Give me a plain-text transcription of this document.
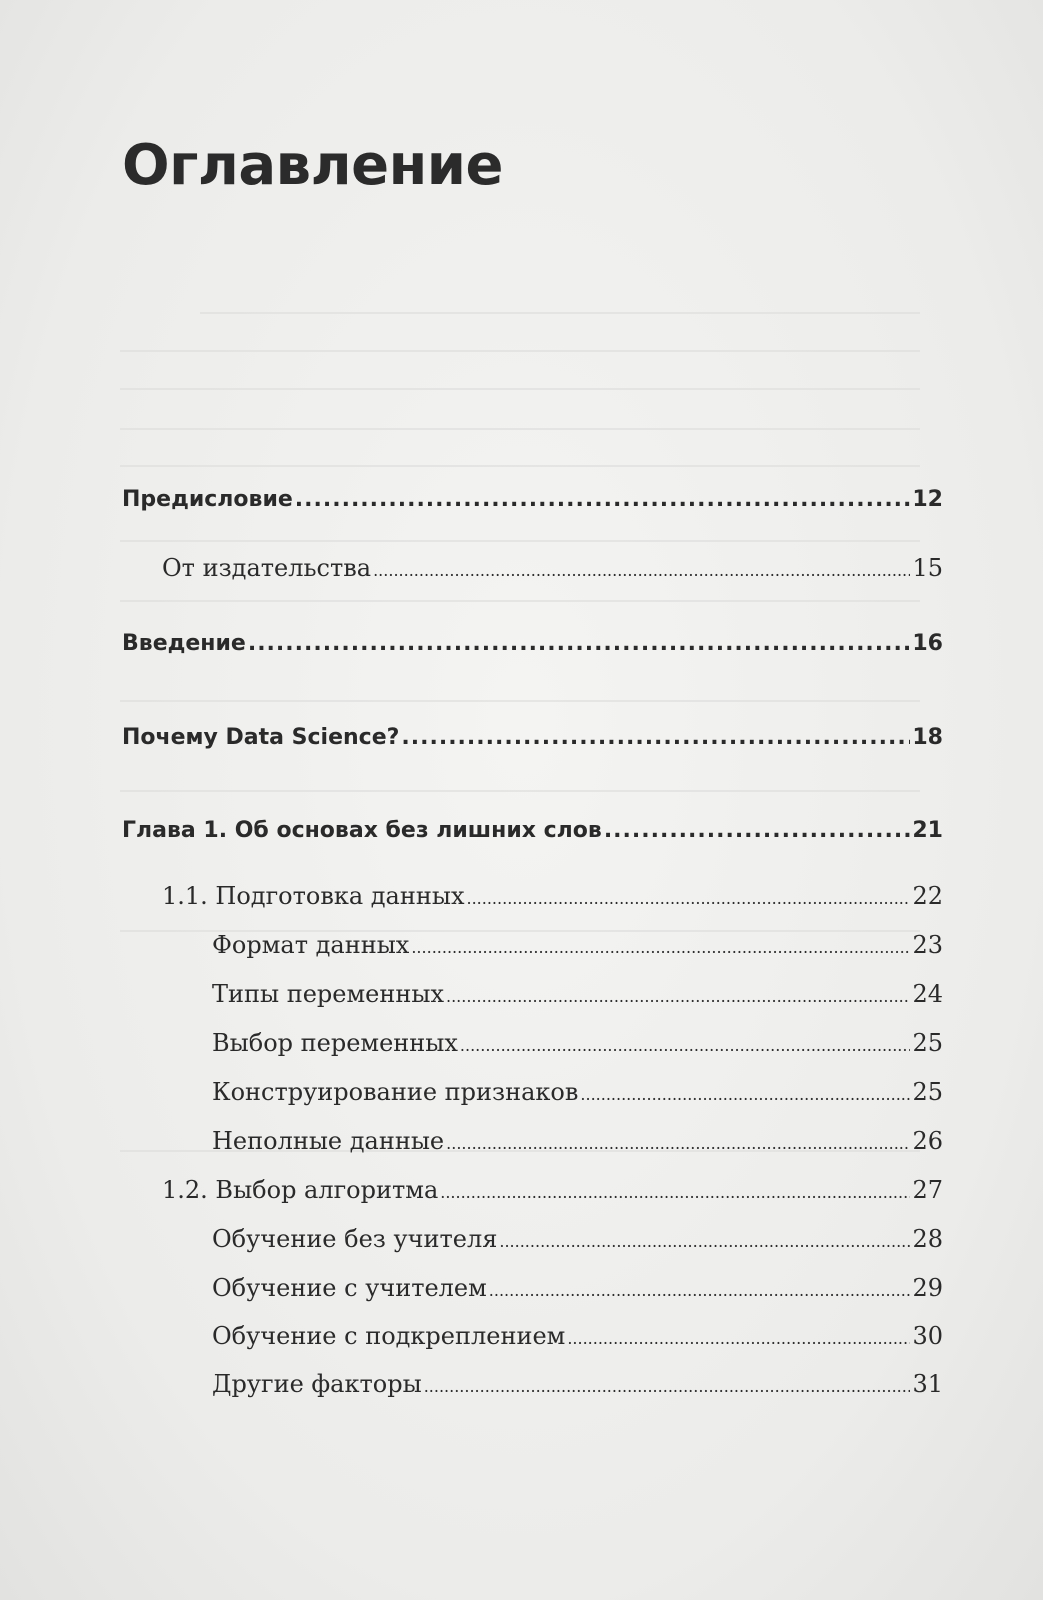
Оглавление
Предисловие .....	12
От издательства .....	15
Введение .....	16
Почему Data Science? .....	18
Глава 1. Об основах без лишних слов .....	21
1.1. Подготовка данных .....	22
Формат данных .....	23
Типы переменных .....	24
Выбор переменных .....	25
Конструирование признаков .....	25
Неполные данные .....	26
1.2. Выбор алгоритма .....	27
Обучение без учителя .....	28
Обучение с учителем .....	29
Обучение с подкреплением .....	30
Другие факторы .....	31
